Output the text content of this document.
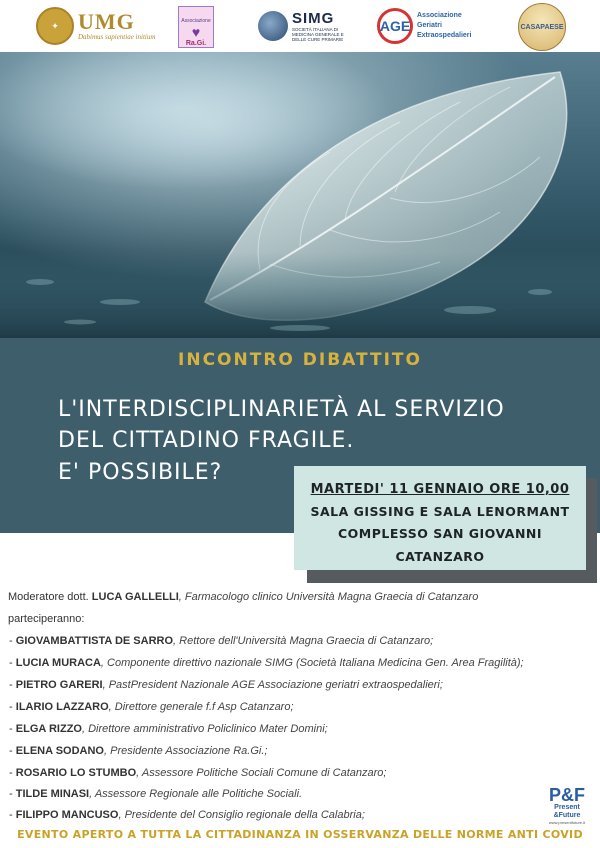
✦ UMG
Dabimus sapientiae initium
Associazione
♥
Ra.Gi.
SIMG
SOCIETÀ ITALIANA DI MEDICINA GENERALE E DELLE CURE PRIMARIE
AGE
Associazione
Geriatri
Extraospedalieri
CASAPAESE
INCONTRO DIBATTITO
L'INTERDISCIPLINARIETÀ AL SERVIZIO
DEL CITTADINO FRAGILE.
E' POSSIBILE?
MARTEDI' 11 GENNAIO ORE 10,00
SALA GISSING E SALA LENORMANT
COMPLESSO SAN GIOVANNI
CATANZARO
Moderatore dott. LUCA GALLELLI, Farmacologo clinico Università Magna Graecia di Catanzaro
parteciperanno:
- GIOVAMBATTISTA DE SARRO, Rettore dell'Università Magna Graecia di Catanzaro;
- LUCIA MURACA, Componente direttivo nazionale SIMG (Società Italiana Medicina Gen. Area Fragilità);
- PIETRO GARERI, PastPresident Nazionale AGE Associazione geriatri extraospedalieri;
- ILARIO LAZZARO, Direttore generale f.f Asp Catanzaro;
- ELGA RIZZO, Direttore amministrativo Policlinico Mater Domini;
- ELENA SODANO, Presidente Associazione Ra.Gi.;
- ROSARIO LO STUMBO, Assessore Politiche Sociali Comune di Catanzaro;
- TILDE MINASI, Assessore Regionale alle Politiche Sociali.
- FILIPPO MANCUSO, Presidente del Consiglio regionale della Calabria;
P&F
Present
&Future
www.presentfuture.it
EVENTO APERTO A TUTTA LA CITTADINANZA IN OSSERVANZA DELLE NORME ANTI COVID
